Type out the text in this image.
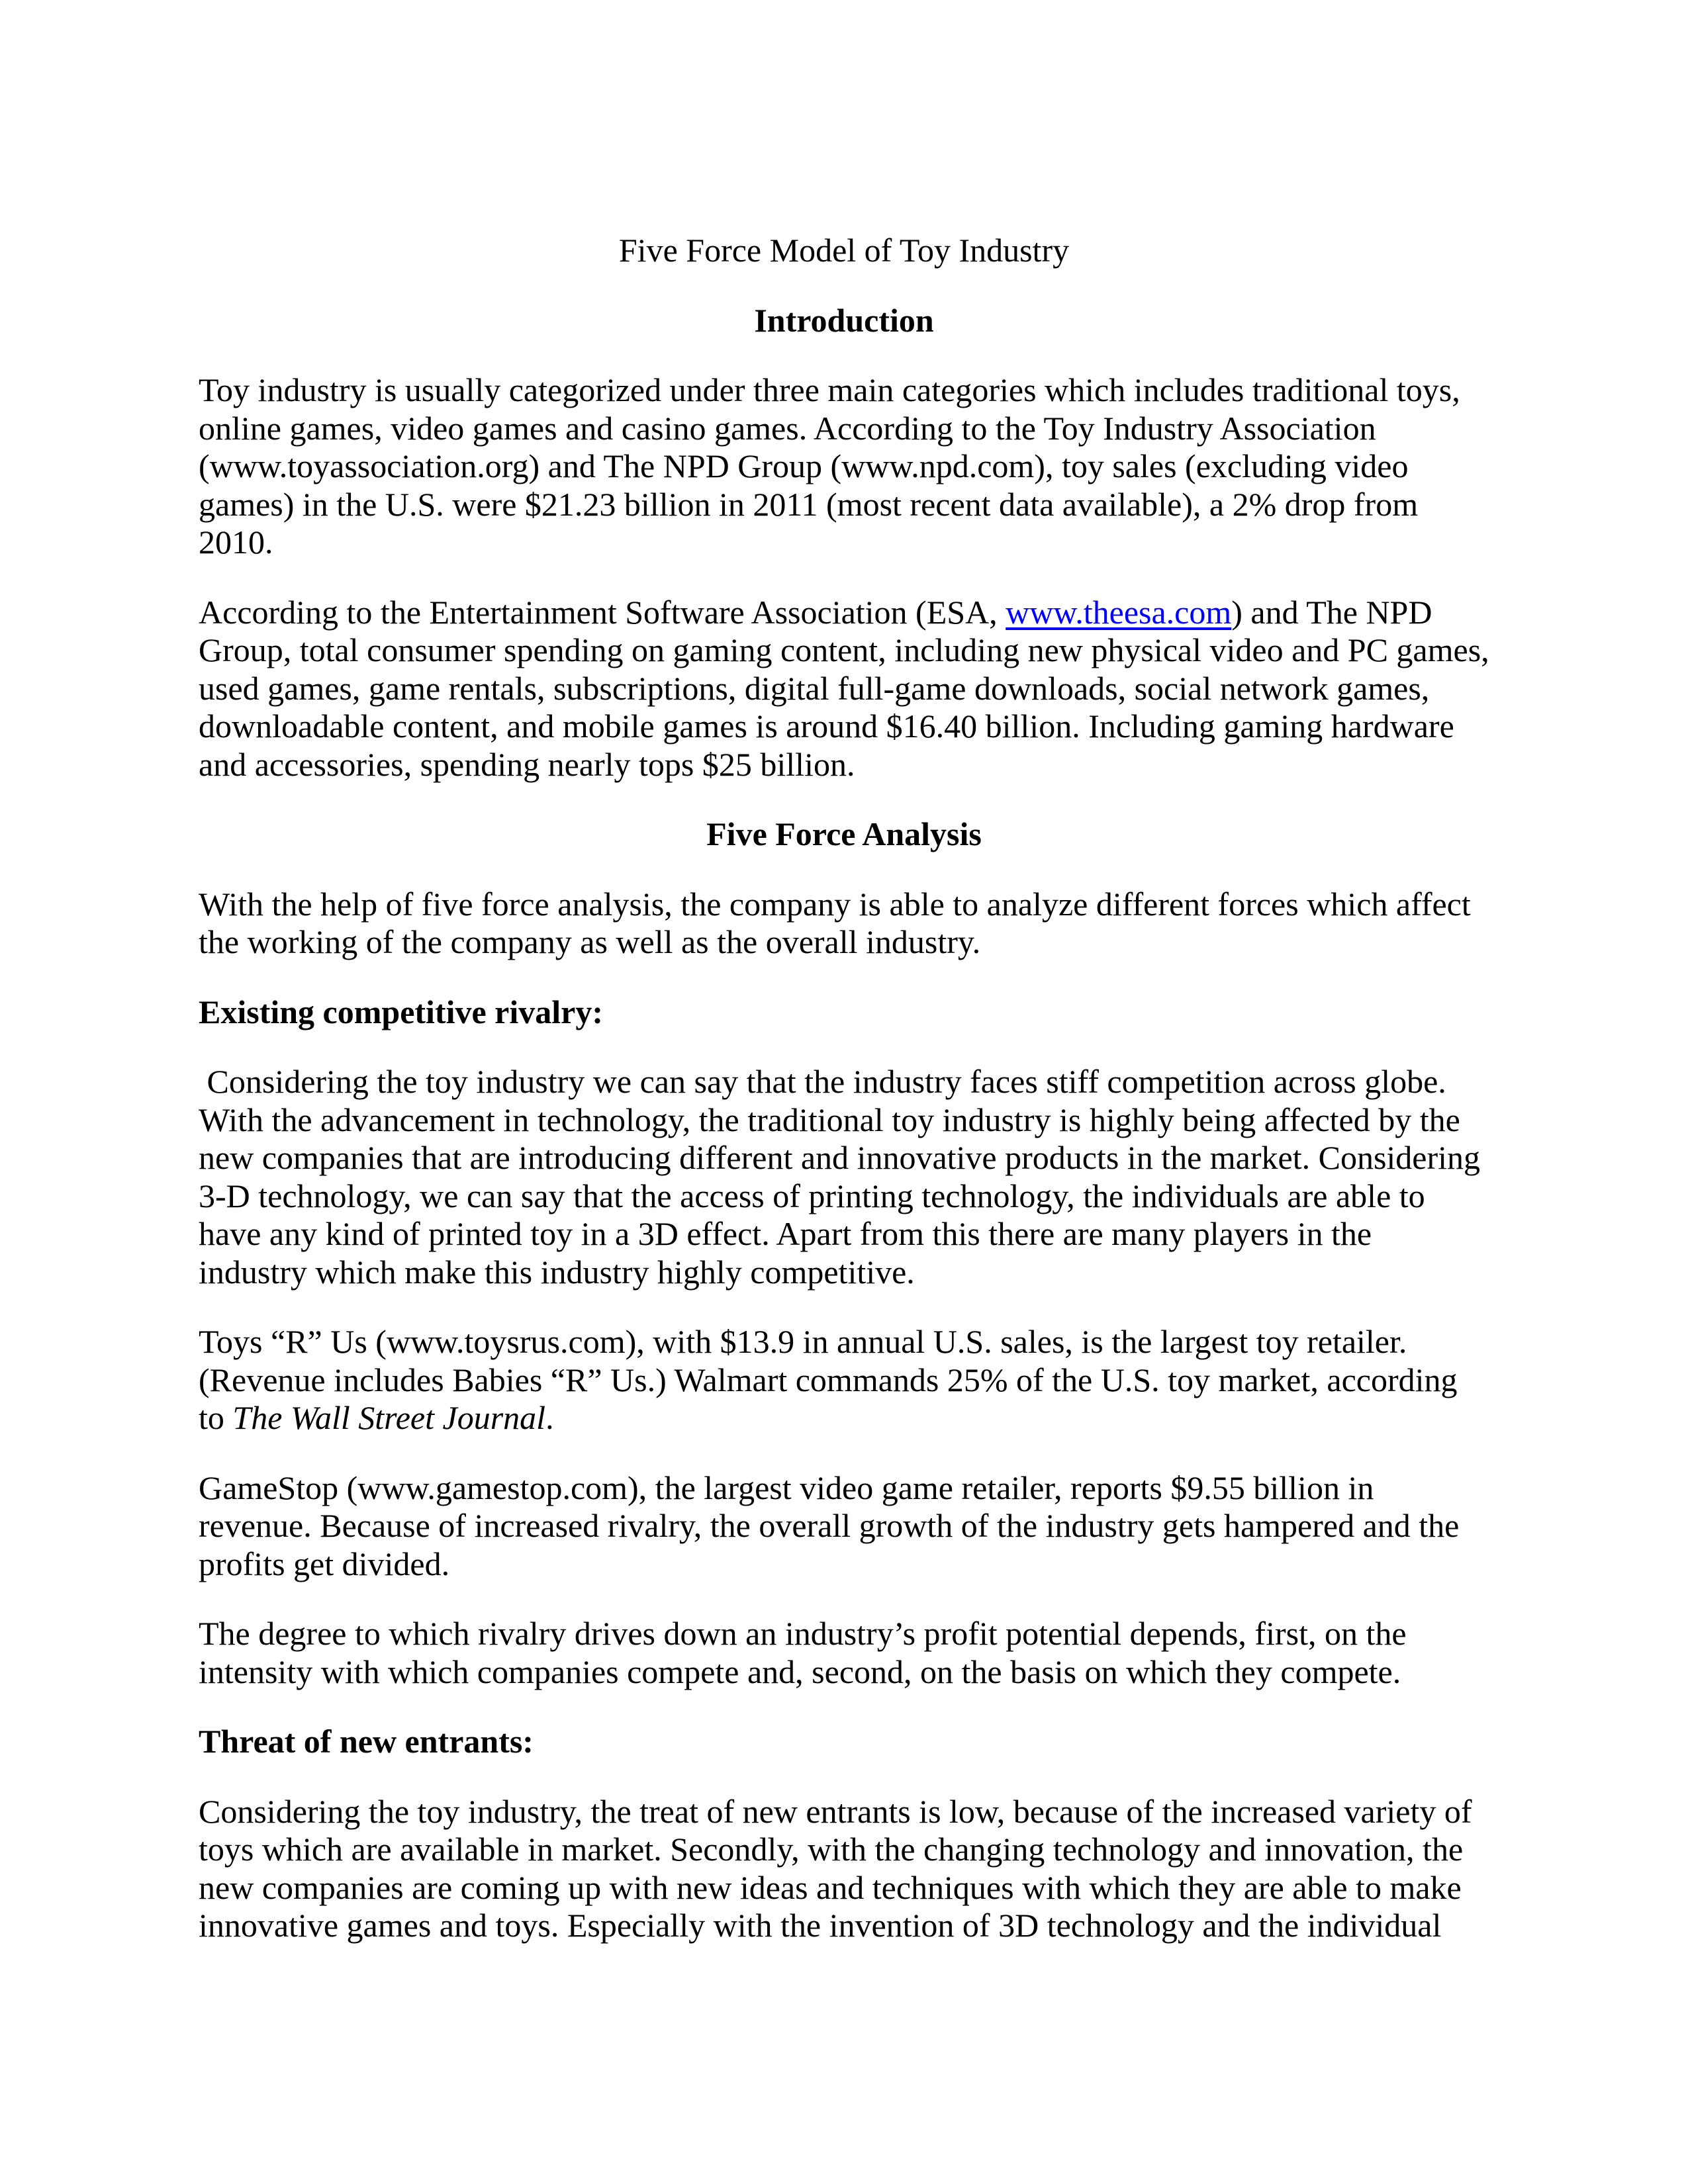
Five Force Model of Toy Industry
Introduction
Toy industry is usually categorized under three main categories which includes traditional toys,
online games, video games and casino games. According to the Toy Industry Association
(www.toyassociation.org) and The NPD Group (www.npd.com), toy sales (excluding video
games) in the U.S. were $21.23 billion in 2011 (most recent data available), a 2% drop from
2010.
According to the Entertainment Software Association (ESA, www.theesa.com) and The NPD
Group, total consumer spending on gaming content, including new physical video and PC games,
used games, game rentals, subscriptions, digital full-game downloads, social network games,
downloadable content, and mobile games is around $16.40 billion. Including gaming hardware
and accessories, spending nearly tops $25 billion.
Five Force Analysis
With the help of five force analysis, the company is able to analyze different forces which affect
the working of the company as well as the overall industry.
Existing competitive rivalry:
Considering the toy industry we can say that the industry faces stiff competition across globe.
With the advancement in technology, the traditional toy industry is highly being affected by the
new companies that are introducing different and innovative products in the market. Considering
3-D technology, we can say that the access of printing technology, the individuals are able to
have any kind of printed toy in a 3D effect. Apart from this there are many players in the
industry which make this industry highly competitive.
Toys “R” Us (www.toysrus.com), with $13.9 in annual U.S. sales, is the largest toy retailer.
(Revenue includes Babies “R” Us.) Walmart commands 25% of the U.S. toy market, according
to The Wall Street Journal.
GameStop (www.gamestop.com), the largest video game retailer, reports $9.55 billion in
revenue. Because of increased rivalry, the overall growth of the industry gets hampered and the
profits get divided.
The degree to which rivalry drives down an industry’s profit potential depends, first, on the
intensity with which companies compete and, second, on the basis on which they compete.
Threat of new entrants:
Considering the toy industry, the treat of new entrants is low, because of the increased variety of
toys which are available in market. Secondly, with the changing technology and innovation, the
new companies are coming up with new ideas and techniques with which they are able to make
innovative games and toys. Especially with the invention of 3D technology and the individual
